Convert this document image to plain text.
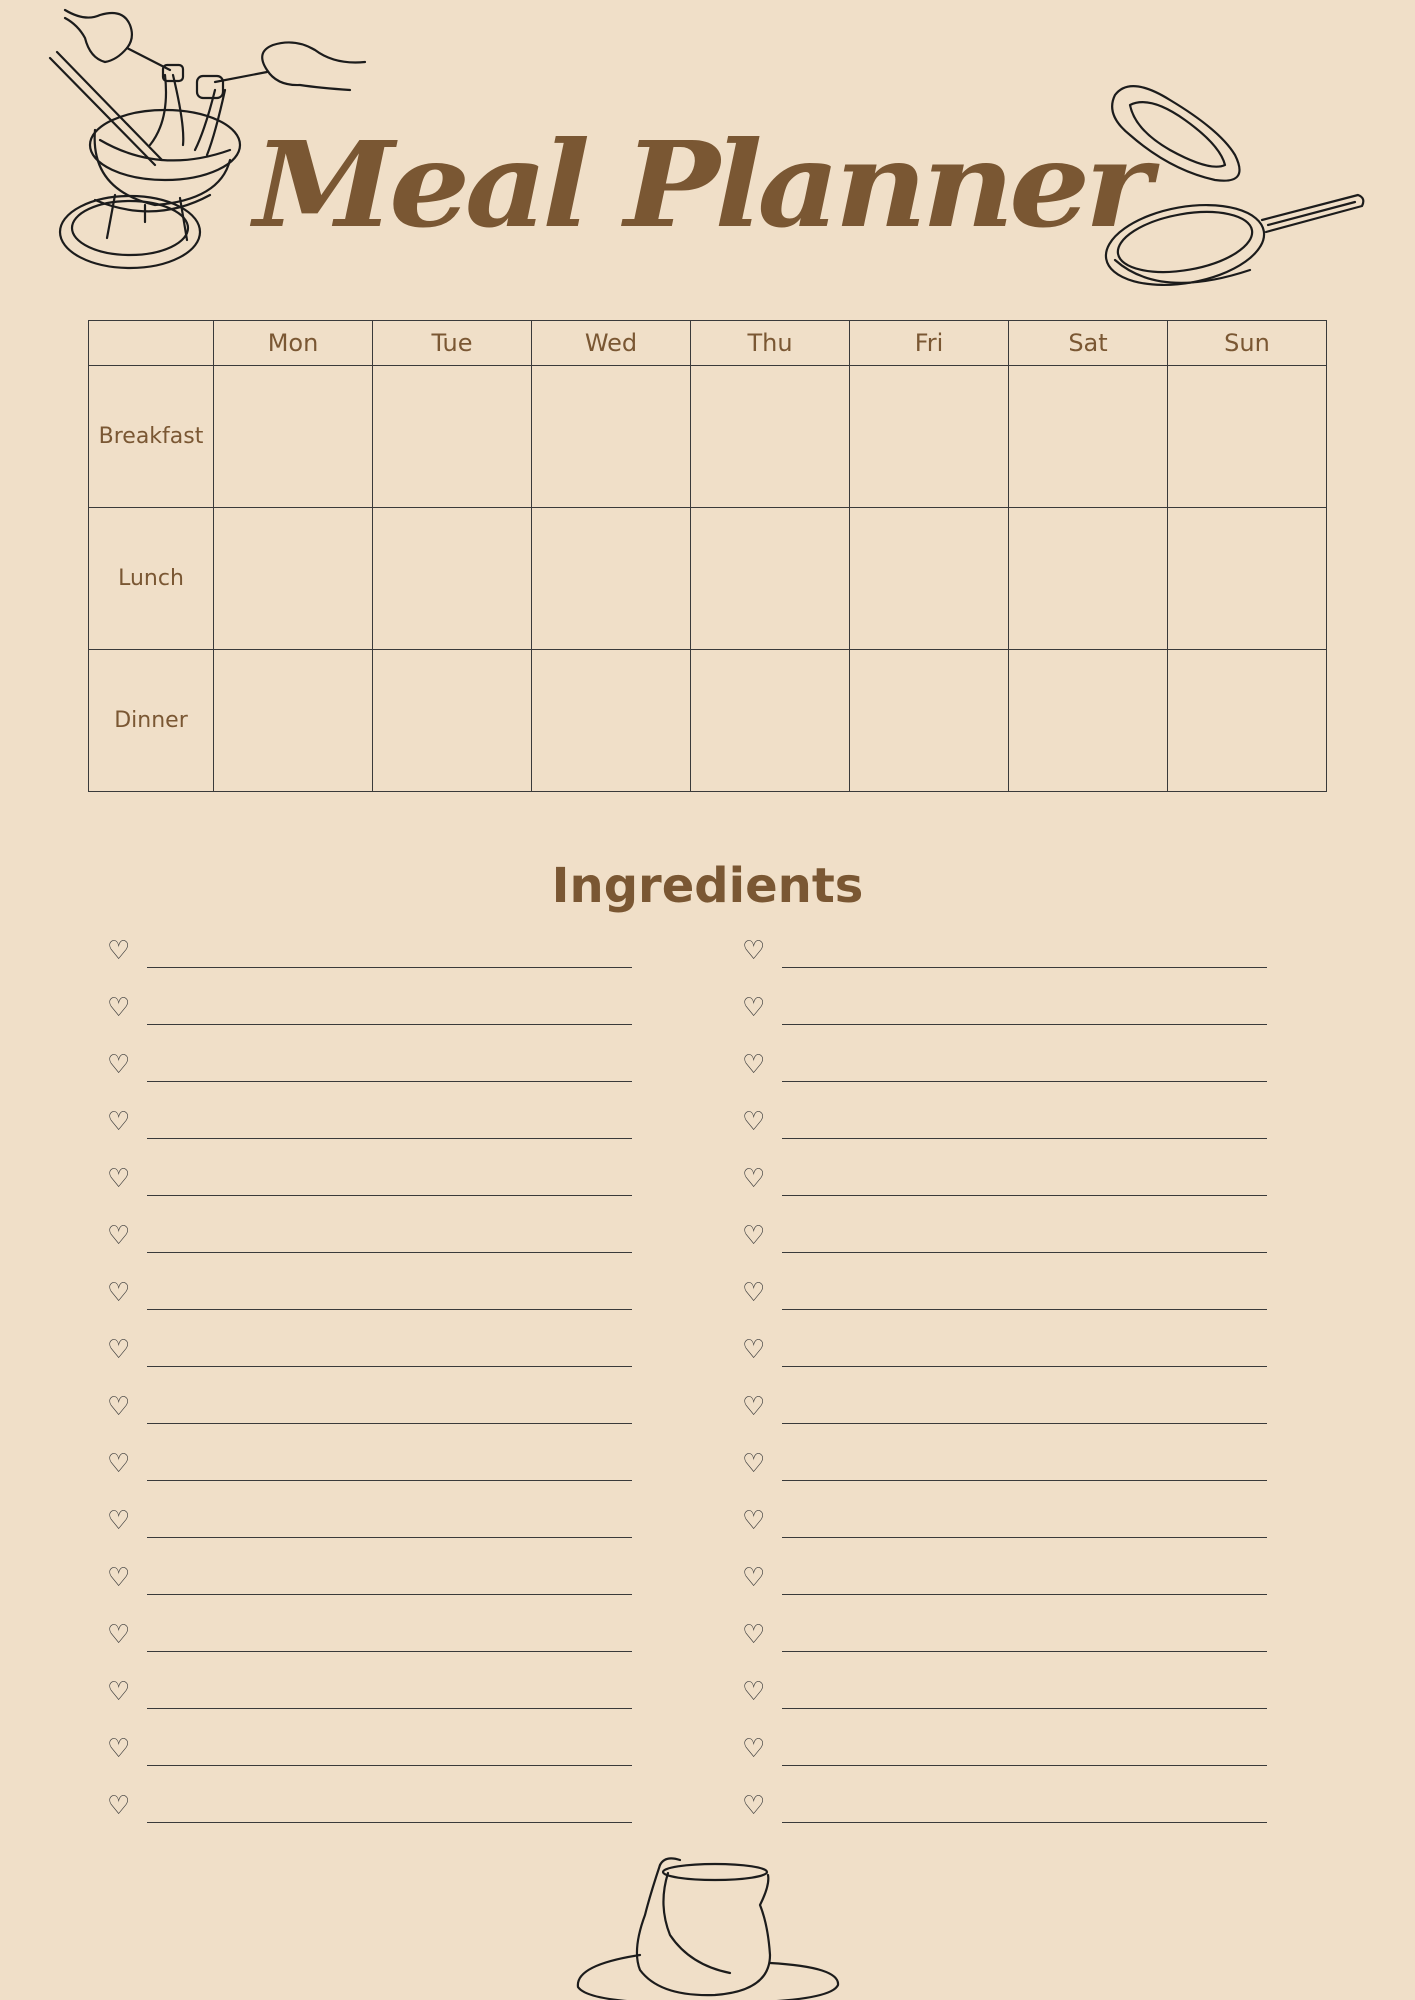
Meal Planner
	Mon	Tue	Wed	Thu	Fri	Sat	Sun
Breakfast							
Lunch							
Dinner							
Ingredients
♡
♡
♡
♡
♡
♡
♡
♡
♡
♡
♡
♡
♡
♡
♡
♡
♡
♡
♡
♡
♡
♡
♡
♡
♡
♡
♡
♡
♡
♡
♡
♡
